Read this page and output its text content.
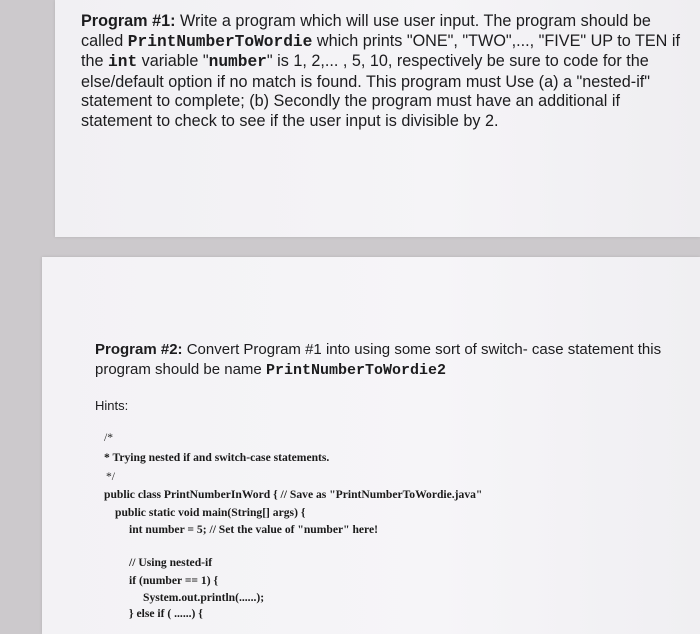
Program #1: Write a program which will use user input. The program should be called PrintNumberToWordie which prints "ONE", "TWO",..., "FIVE" UP to TEN if the int variable "number" is 1, 2,... , 5, 10, respectively be sure to code for the else/default option if no match is found. This program must Use (a) a "nested-if" statement to complete; (b) Secondly the program must have an additional if statement to check to see if the user input is divisible by 2.

Program #2: Convert Program #1 into using some sort of switch- case statement this program should be name PrintNumberToWordie2

Hints:

/*
* Trying nested if and switch-case statements.
*/
public class PrintNumberInWord { // Save as "PrintNumberToWordie.java"
public static void main(String[] args) {
int number = 5; // Set the value of "number" here!
// Using nested-if
if (number == 1) {
System.out.println(......);
} else if ( ......) {
